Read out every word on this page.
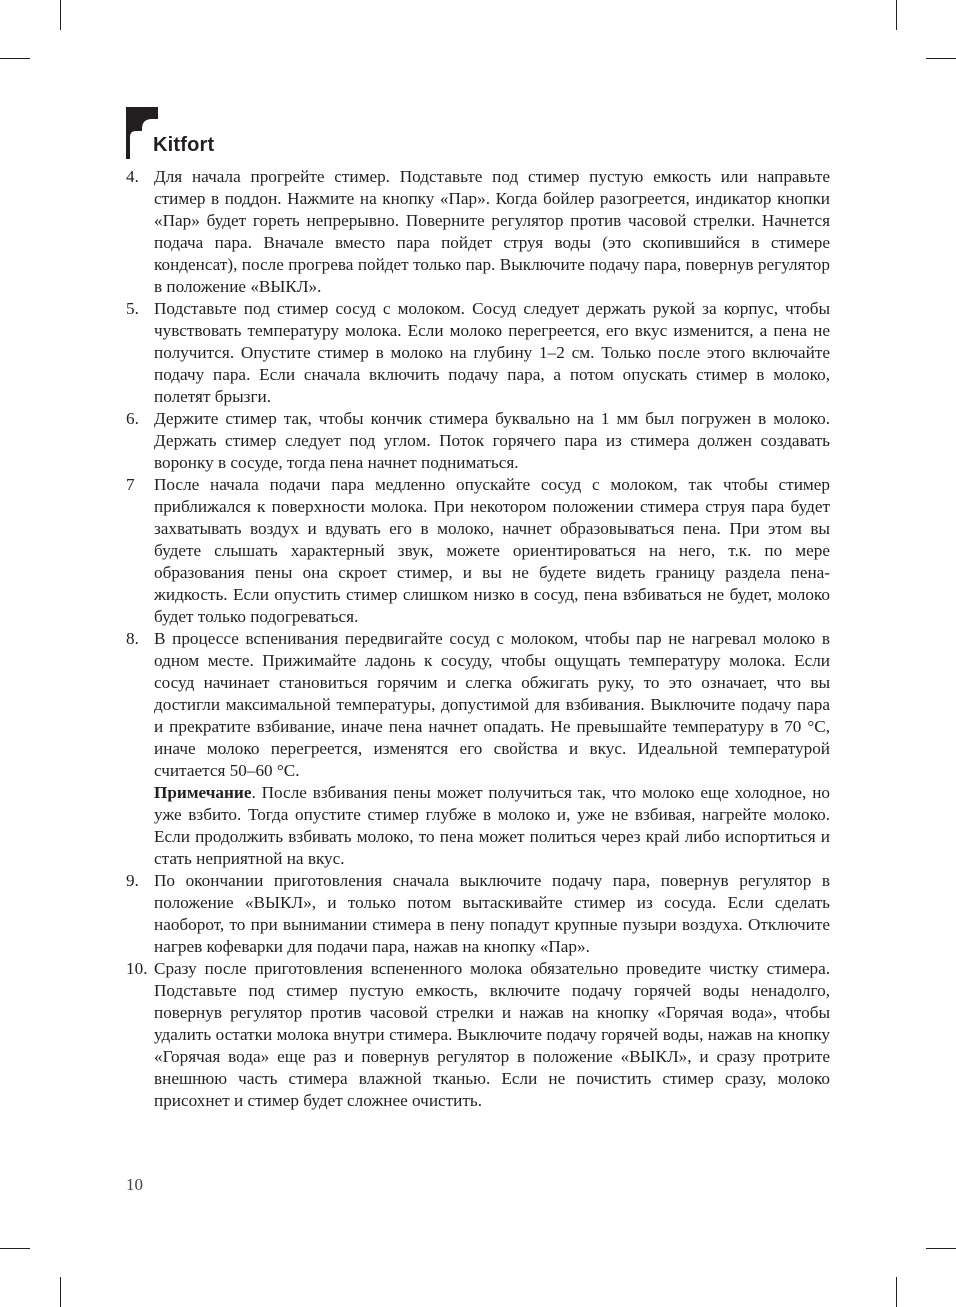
Kitfort

4. Для начала прогрейте стимер. Подставьте под стимер пустую емкость или направьте стимер в поддон. Нажмите на кнопку «Пар». Когда бойлер разогреется, индикатор кнопки «Пар» будет гореть непрерывно. Поверните регулятор против часовой стрелки. Начнется подача пара. Вначале вместо пара пойдет струя воды (это скопившийся в стимере конденсат), после прогрева пойдет только пар. Выключите подачу пара, повернув регулятор в положение «ВЫКЛ».

5. Подставьте под стимер сосуд с молоком. Сосуд следует держать рукой за корпус, чтобы чувствовать температуру молока. Если молоко перегреется, его вкус изменится, а пена не получится. Опустите стимер в молоко на глубину 1–2 см. Только после этого включайте подачу пара. Если сначала включить подачу пара, а потом опускать стимер в молоко, полетят брызги.

6. Держите стимер так, чтобы кончик стимера буквально на 1 мм был погружен в молоко. Держать стимер следует под углом. Поток горячего пара из стимера должен создавать воронку в сосуде, тогда пена начнет подниматься.

7 После начала подачи пара медленно опускайте сосуд с молоком, так чтобы стимер приближался к поверхности молока. При некотором положении стимера струя пара будет захватывать воздух и вдувать его в молоко, начнет образовываться пена. При этом вы будете слышать характерный звук, можете ориентироваться на него, т.к. по мере образования пены она скроет стимер, и вы не будете видеть границу раздела пена-жидкость. Если опустить стимер слишком низко в сосуд, пена взбиваться не будет, молоко будет только подогреваться.

8. В процессе вспенивания передвигайте сосуд с молоком, чтобы пар не нагревал молоко в одном месте. Прижимайте ладонь к сосуду, чтобы ощущать температуру молока. Если сосуд начинает становиться горячим и слегка обжигать руку, то это означает, что вы достигли максимальной температуры, допустимой для взбивания. Выключите подачу пара и прекратите взбивание, иначе пена начнет опадать. Не превышайте температуру в 70 °C, иначе молоко перегреется, изменятся его свойства и вкус. Идеальной температурой считается 50–60 °C.

Примечание. После взбивания пены может получиться так, что молоко еще холодное, но уже взбито. Тогда опустите стимер глубже в молоко и, уже не взбивая, нагрейте молоко. Если продолжить взбивать молоко, то пена может политься через край либо испортиться и стать неприятной на вкус.

9. По окончании приготовления сначала выключите подачу пара, повернув регулятор в положение «ВЫКЛ», и только потом вытаскивайте стимер из сосуда. Если сделать наоборот, то при вынимании стимера в пену попадут крупные пузыри воздуха. Отключите нагрев кофеварки для подачи пара, нажав на кнопку «Пар».

10. Сразу после приготовления вспененного молока обязательно проведите чистку стимера. Подставьте под стимер пустую емкость, включите подачу горячей воды ненадолго, повернув регулятор против часовой стрелки и нажав на кнопку «Горячая вода», чтобы удалить остатки молока внутри стимера. Выключите подачу горячей воды, нажав на кнопку «Горячая вода» еще раз и повернув регулятор в положение «ВЫКЛ», и сразу протрите внешнюю часть стимера влажной тканью. Если не почистить стимер сразу, молоко присохнет и стимер будет сложнее очистить.

10
